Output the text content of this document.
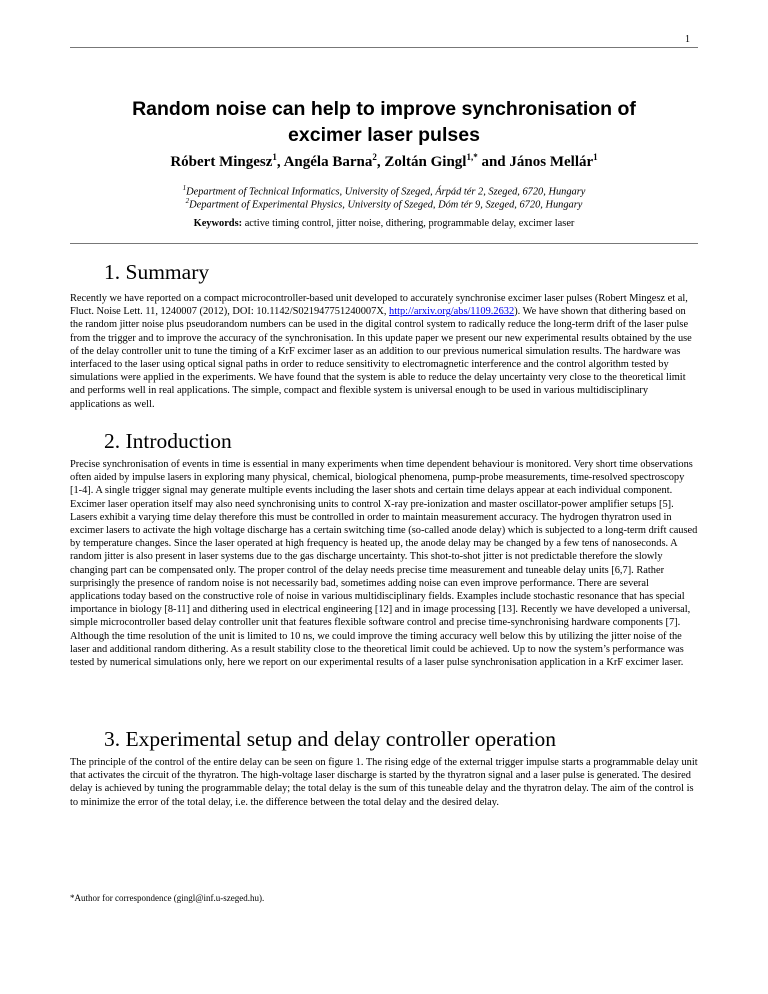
1
Random noise can help to improve synchronisation of
excimer laser pulses
Róbert Mingesz$^1$, Angéla Barna$^2$, Zoltán Gingl$^{1,*}$ and János Mellár$^1$
$^1$Department of Technical Informatics, University of Szeged, Árpád tér 2, Szeged, 6720, Hungary
$^2$Department of Experimental Physics, University of Szeged, Dóm tér 9, Szeged, 6720, Hungary
Keywords: active timing control, jitter noise, dithering, programmable delay, excimer laser
1. Summary

Recently we have reported on a compact microcontroller-based unit developed to accurately synchronise excimer laser pulses (Robert Mingesz et al, Fluct. Noise Lett. 11, 1240007 (2012), DOI: 10.1142/S021947751240007X, http://arxiv.org/abs/1109.2632). We have shown that dithering based on the random jitter noise plus pseudorandom numbers can be used in the digital control system to radically reduce the long-term drift of the laser pulse from the trigger and to improve the accuracy of the synchronisation. In this update paper we present our new experimental results obtained by the use of the delay controller unit to tune the timing of a KrF excimer laser as an addition to our previous numerical simulation results. The hardware was interfaced to the laser using optical signal paths in order to reduce sensitivity to electromagnetic interference and the control algorithm tested by simulations were applied in the experiments. We have found that the system is able to reduce the delay uncertainty very close to the theoretical limit and performs well in real applications. The simple, compact and flexible system is universal enough to be used in various multidisciplinary applications as well.

2. Introduction

Precise synchronisation of events in time is essential in many experiments when time dependent behaviour is monitored. Very short time observations often aided by impulse lasers in exploring many physical, chemical, biological phenomena, pump-probe measurements, time-resolved spectroscopy [1-4]. A single trigger signal may generate multiple events including the laser shots and certain time delays appear at each individual component. Excimer laser operation itself may also need synchronising units to control X-ray pre-ionization and master oscillator-power amplifier setups [5]. Lasers exhibit a varying time delay therefore this must be controlled in order to maintain measurement accuracy. The hydrogen thyratron used in excimer lasers to activate the high voltage discharge has a certain switching time (so-called anode delay) which is subjected to a long-term drift caused by temperature changes. Since the laser operated at high frequency is heated up, the anode delay may be changed by a few tens of nanoseconds. A random jitter is also present in laser systems due to the gas discharge uncertainty. This shot-to-shot jitter is not predictable therefore the slowly changing part can be compensated only. The proper control of the delay needs precise time measurement and tuneable delay units [6,7]. Rather surprisingly the presence of random noise is not necessarily bad, sometimes adding noise can even improve performance. There are several applications today based on the constructive role of noise in various multidisciplinary fields. Examples include stochastic resonance that has special importance in biology [8-11] and dithering used in electrical engineering [12] and in image processing [13]. Recently we have developed a universal, simple microcontroller based delay controller unit that features flexible software control and precise time-synchronising hardware components [7]. Although the time resolution of the unit is limited to 10 ns, we could improve the timing accuracy well below this by utilizing the jitter noise of the laser and additional random dithering. As a result stability close to the theoretical limit could be achieved. Up to now the system’s performance was tested by numerical simulations only, here we report on our experimental results of a laser pulse synchronisation application in a KrF excimer laser.

3. Experimental setup and delay controller operation

The principle of the control of the entire delay can be seen on figure 1. The rising edge of the external trigger impulse starts a programmable delay unit that activates the circuit of the thyratron. The high-voltage laser discharge is started by the thyratron signal and a laser pulse is generated. The desired delay is achieved by tuning the programmable delay; the total delay is the sum of this tuneable delay and the thyratron delay. The aim of the control is to minimize the error of the total delay, i.e. the difference between the total delay and the desired delay.

*Author for correspondence (gingl@inf.u-szeged.hu).
